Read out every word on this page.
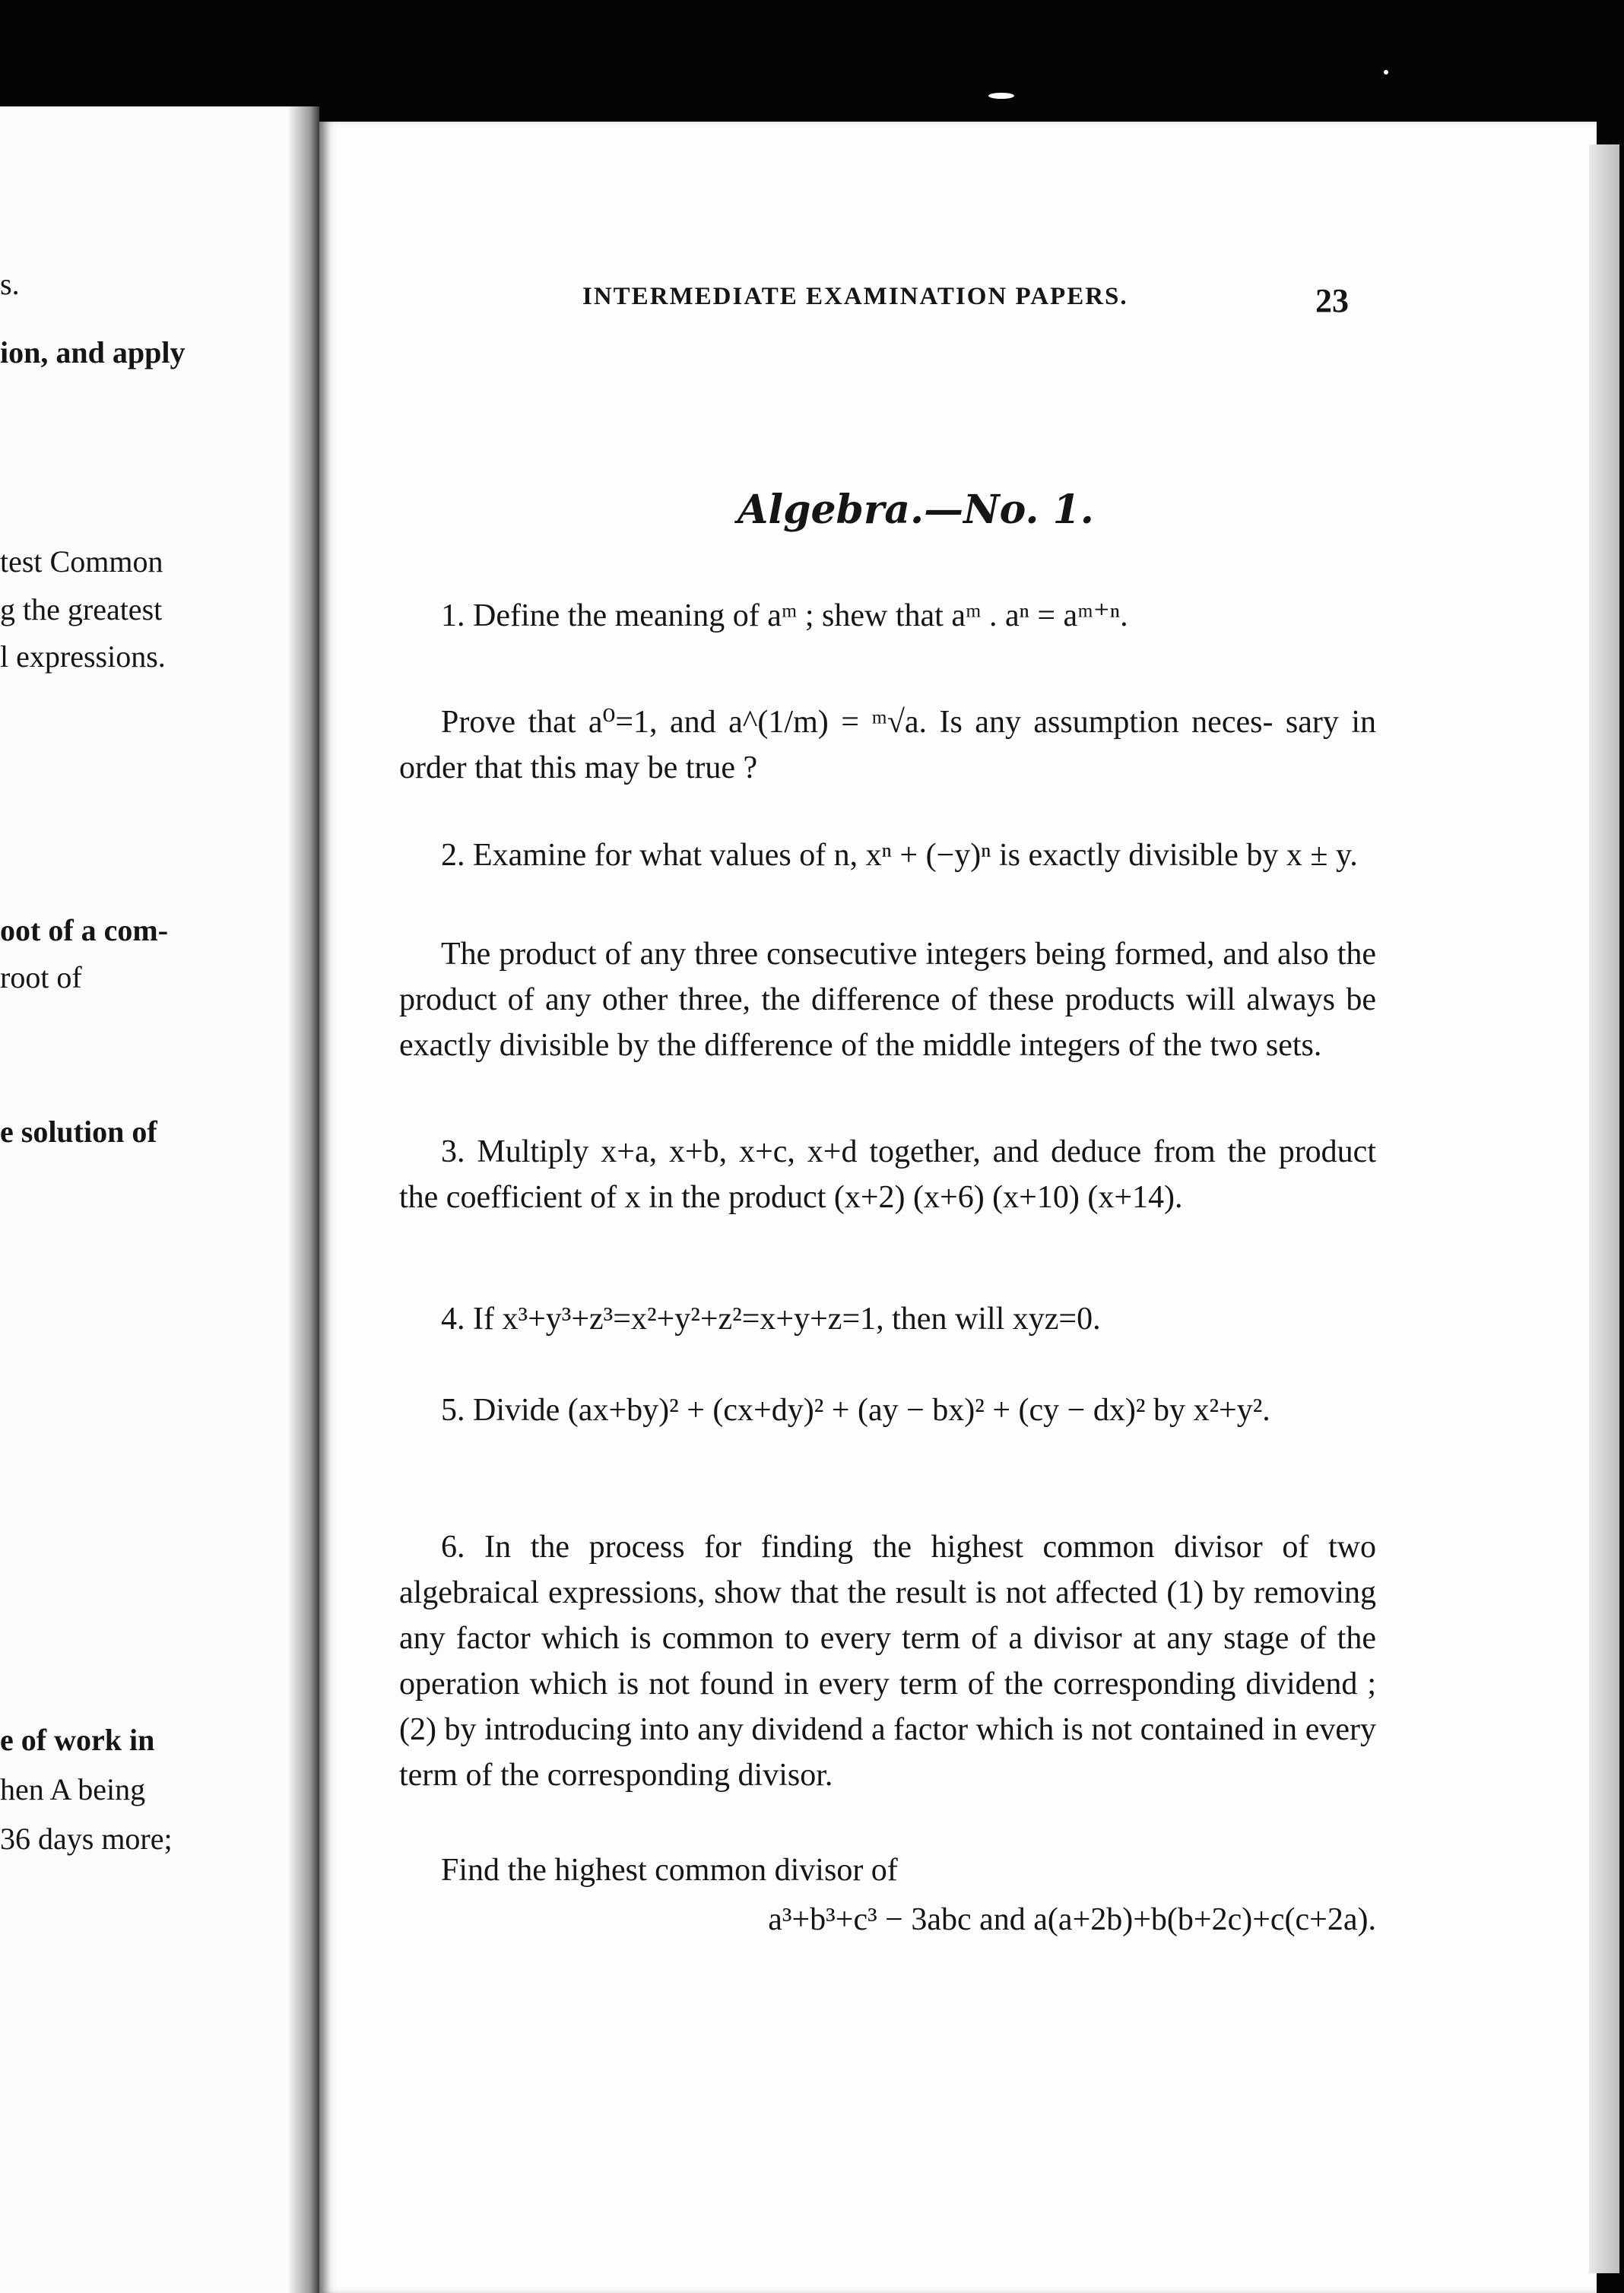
s.
ion, and apply
test Common
g the greatest
l expressions.
oot of a com-
root of
e solution of
e of work in
hen A being
36 days more;
INTERMEDIATE EXAMINATION PAPERS.	23
Algebra.—No. 1.

1. Define the meaning of aᵐ ; shew that aᵐ . aⁿ = aᵐ⁺ⁿ.

Prove that a⁰=1, and a^(1/m) = ᵐ√a. Is any assumption neces- sary in order that this may be true ?

2. Examine for what values of n, xⁿ + (−y)ⁿ is exactly divisible by x ± y.

The product of any three consecutive integers being formed, and also the product of any other three, the difference of these products will always be exactly divisible by the difference of the middle integers of the two sets.

3. Multiply x+a, x+b, x+c, x+d together, and deduce from the product the coefficient of x in the product (x+2) (x+6) (x+10) (x+14).

4. If x³+y³+z³=x²+y²+z²=x+y+z=1, then will xyz=0.

5. Divide (ax+by)² + (cx+dy)² + (ay − bx)² + (cy − dx)² by x²+y².

6. In the process for finding the highest common divisor of two algebraical expressions, show that the result is not affected (1) by removing any factor which is common to every term of a divisor at any stage of the operation which is not found in every term of the corresponding dividend ; (2) by introducing into any dividend a factor which is not contained in every term of the corresponding divisor.

Find the highest common divisor of

a³+b³+c³ − 3abc and a(a+2b)+b(b+2c)+c(c+2a).
